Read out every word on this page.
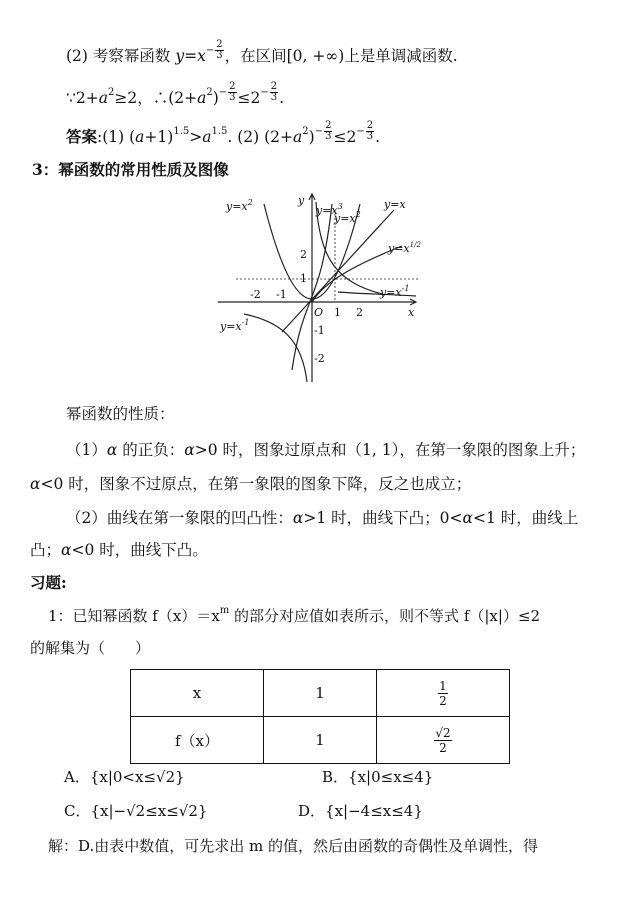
(2) 考察幂函数 $y=x^{- \frac{2}{3}}$ ，在区间[0, +∞)上是单调减函数.
$\because 2+a^2\ge 2$，$\therefore(2+a^2)^{- \frac{2}{3}} \le 2^{- \frac{2}{3}}$ .
答案:(1) $(a+1)^{1.5}>a^{1.5}$. (2) $(2+a^2)^{- \frac{2}{3}} \le 2^{- \frac{2}{3}}$ .
3：幂函数的常用性质及图像
$y=x^2$
$y=x^3$
$y=x^2$
y=x
$y=x^{1/2}$
$y=x^{-1}$
$y=x^{-1}$
x
y
O
-2 -1
1 2
2
1
-1
-2
幂函数的性质：
（1）α 的正负：α>0 时，图象过原点和（1, 1），在第一象限的图象上升；
α<0 时，图象不过原点，在第一象限的图象下降，反之也成立；
（2）曲线在第一象限的凹凸性：α>1 时，曲线下凸；0<α<1 时，曲线上
凸；α<0 时，曲线下凸。
习题:
1：已知幂函数 $f(x)=x^m$ 的部分对应值如表所示，则不等式 f（|x|）≤2
的解集为（　　）
x	1	$\frac{1}{2}$

f（x）	1	$\frac{√2}{2}$
A．{x|0<x≤√2}	B．{x|0≤x≤4}
C．{x|−√2≤x≤√2}	D．{x|−4≤x≤4}
解：D.由表中数值，可先求出 m 的值，然后由函数的奇偶性及单调性，得
